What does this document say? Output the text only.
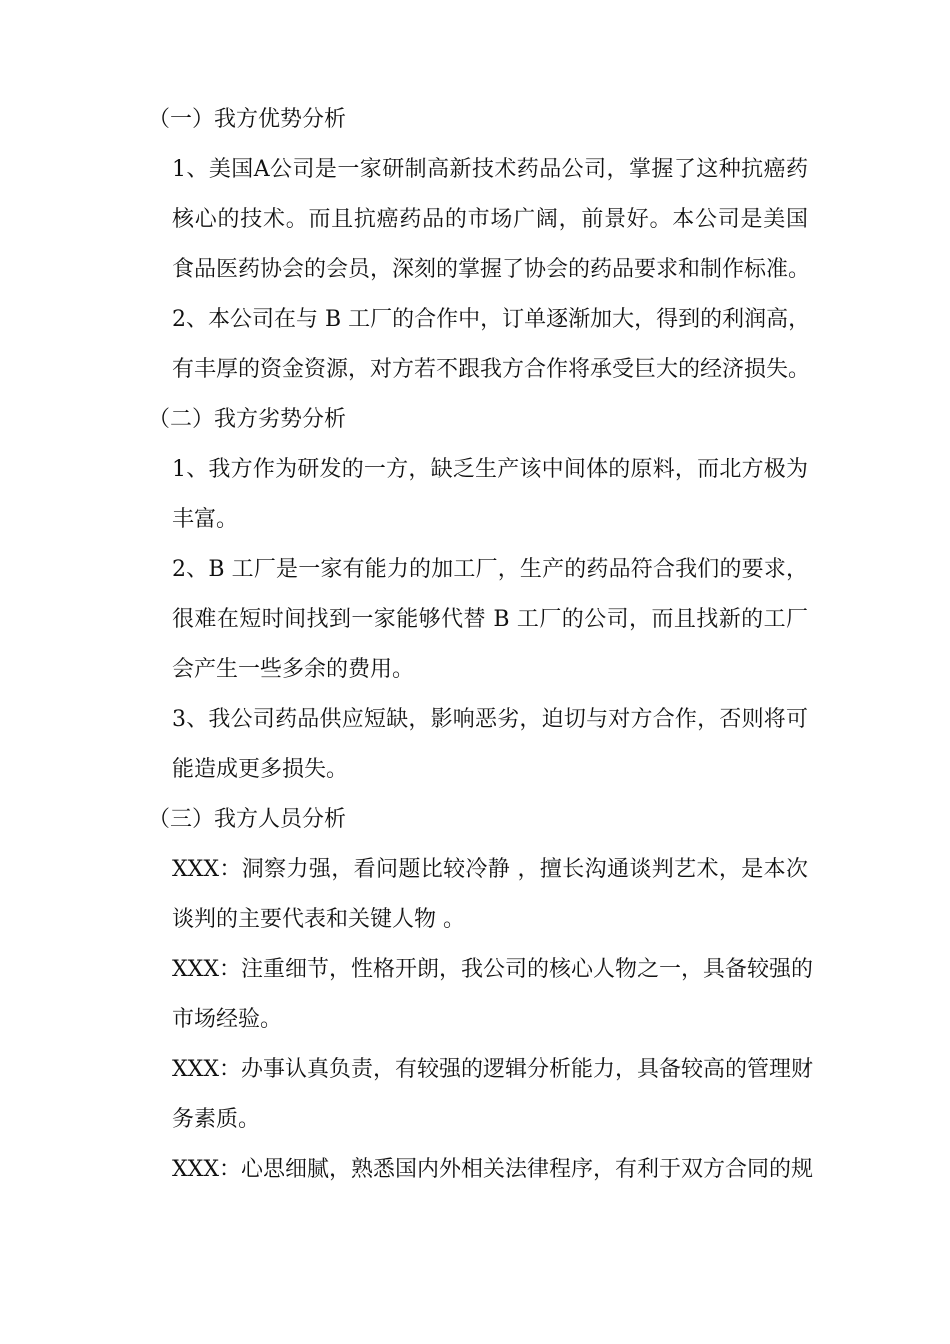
（一）我方优势分析
1、美国A公司是一家研制高新技术药品公司，掌握了这种抗癌药
核心的技术。而且抗癌药品的市场广阔，前景好。本公司是美国
食品医药协会的会员，深刻的掌握了协会的药品要求和制作标准。
2、本公司在与 B 工厂的合作中，订单逐渐加大，得到的利润高，
有丰厚的资金资源，对方若不跟我方合作将承受巨大的经济损失。
（二）我方劣势分析
1、我方作为研发的一方，缺乏生产该中间体的原料，而北方极为
丰富。
2、B 工厂是一家有能力的加工厂，生产的药品符合我们的要求，
很难在短时间找到一家能够代替 B 工厂的公司，而且找新的工厂
会产生一些多余的费用。
3、我公司药品供应短缺，影响恶劣，迫切与对方合作，否则将可
能造成更多损失。
（三）我方人员分析
XXX：洞察力强，看问题比较冷静 ，擅长沟通谈判艺术，是本次
谈判的主要代表和关键人物 。
XXX：注重细节，性格开朗，我公司的核心人物之一，具备较强的
市场经验。
XXX：办事认真负责，有较强的逻辑分析能力，具备较高的管理财
务素质。
XXX：心思细腻，熟悉国内外相关法律程序，有利于双方合同的规
